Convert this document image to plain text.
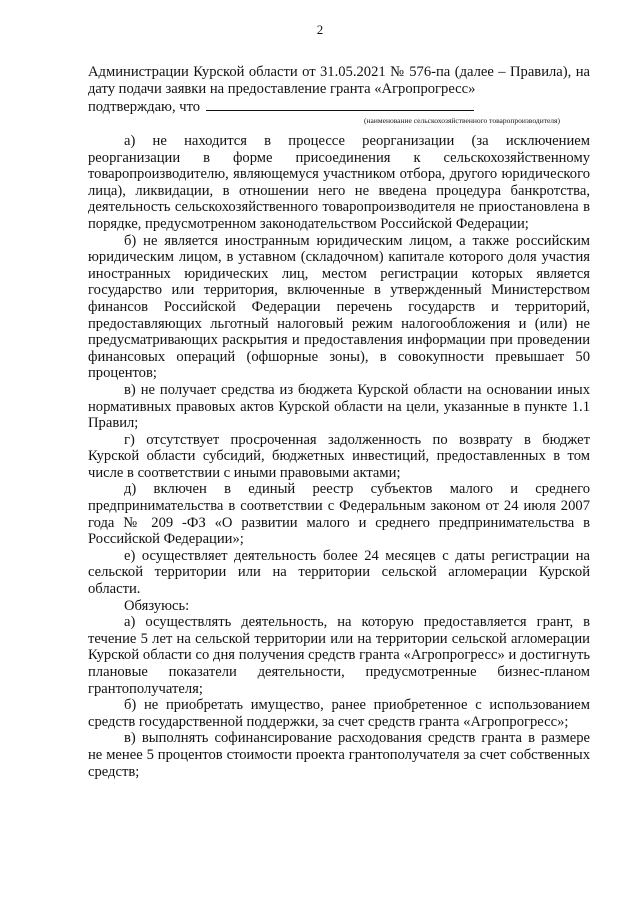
2

Администрации Курской области от 31.05.2021 № 576-па (далее – Правила), на дату подачи заявки на предоставление гранта «Агропрогресс»

подтверждаю, что

(наименование сельскохозяйственного товаропроизводителя)

а) не находится в процессе реорганизации (за исключением реорганизации в форме присоединения к сельскохозяйственному товаропроизводителю, являющемуся участником отбора, другого юридического лица), ликвидации, в отношении него не введена процедура банкротства, деятельность сельскохозяйственного товаропроизводителя не приостановлена в порядке, предусмотренном законодательством Российской Федерации;

б) не является иностранным юридическим лицом, а также российским юридическим лицом, в уставном (складочном) капитале которого доля участия иностранных юридических лиц, местом регистрации которых является государство или территория, включенные в утвержденный Министерством финансов Российской Федерации перечень государств и территорий, предоставляющих льготный налоговый режим налогообложения и (или) не предусматривающих раскрытия и предоставления информации при проведении финансовых операций (офшорные зоны), в совокупности превышает 50 процентов;

в) не получает средства из бюджета Курской области на основании иных нормативных правовых актов Курской области на цели, указанные в пункте 1.1 Правил;

г) отсутствует просроченная задолженность по возврату в бюджет Курской области субсидий, бюджетных инвестиций, предоставленных в том числе в соответствии с иными правовыми актами;

д) включен в единый реестр субъектов малого и среднего предпринимательства в соответствии с Федеральным законом от 24 июля 2007 года № 209 -ФЗ «О развитии малого и среднего предпринимательства в Российской Федерации»;

е) осуществляет деятельность более 24 месяцев с даты регистрации на сельской территории или на территории сельской агломерации Курской области.

Обязуюсь:

а) осуществлять деятельность, на которую предоставляется грант, в течение 5 лет на сельской территории или на территории сельской агломерации Курской области со дня получения средств гранта «Агропрогресс» и достигнуть плановые показатели деятельности, предусмотренные бизнес-планом грантополучателя;

б) не приобретать имущество, ранее приобретенное с использованием средств государственной поддержки, за счет средств гранта «Агропрогресс»;

в) выполнять софинансирование расходования средств гранта в размере не менее 5 процентов стоимости проекта грантополучателя за счет собственных средств;
